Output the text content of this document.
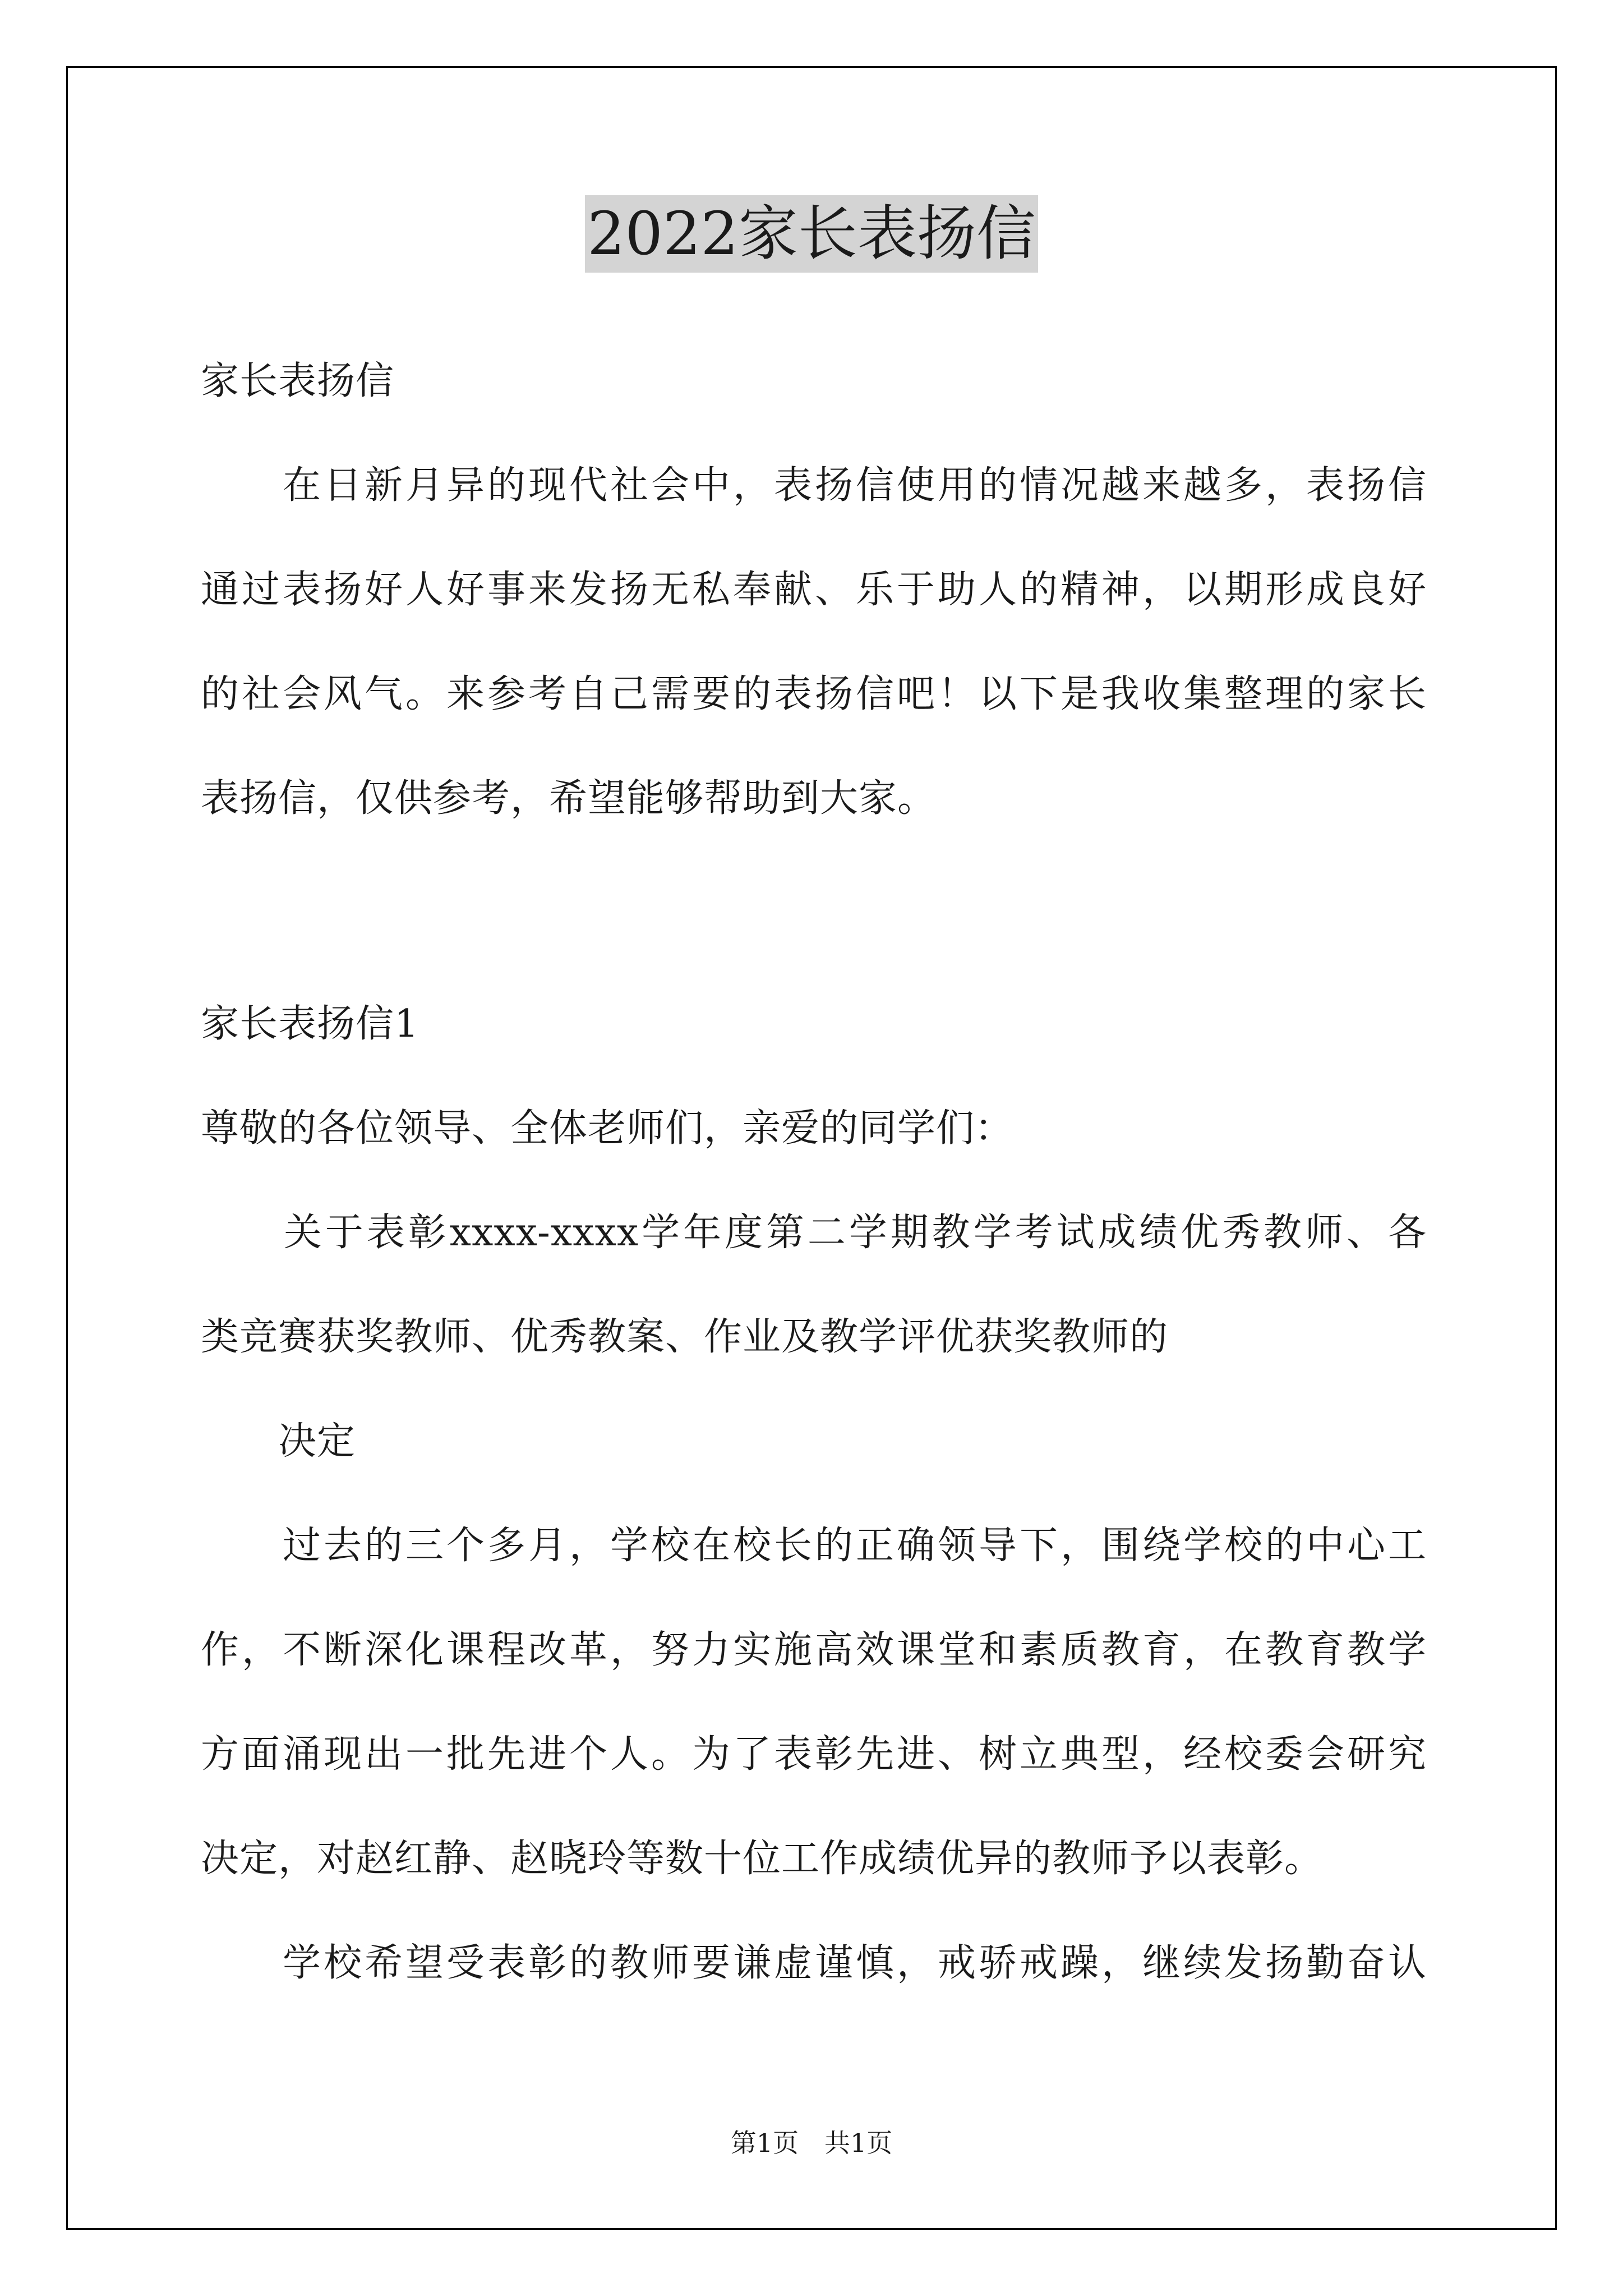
2022家长表扬信
家长表扬信
　　在日新月异的现代社会中，表扬信使用的情况越来越多，表扬信
通过表扬好人好事来发扬无私奉献、乐于助人的精神，以期形成良好
的社会风气。来参考自己需要的表扬信吧！以下是我收集整理的家长
表扬信，仅供参考，希望能够帮助到大家。
家长表扬信1
尊敬的各位领导、全体老师们，亲爱的同学们：
　　关于表彰xxxx-xxxx学年度第二学期教学考试成绩优秀教师、各
类竞赛获奖教师、优秀教案、作业及教学评优获奖教师的
　　决定
　　过去的三个多月，学校在校长的正确领导下，围绕学校的中心工
作，不断深化课程改革，努力实施高效课堂和素质教育，在教育教学
方面涌现出一批先进个人。为了表彰先进、树立典型，经校委会研究
决定，对赵红静、赵晓玲等数十位工作成绩优异的教师予以表彰。
　　学校希望受表彰的教师要谦虚谨慎，戒骄戒躁，继续发扬勤奋认
第1页　共1页
